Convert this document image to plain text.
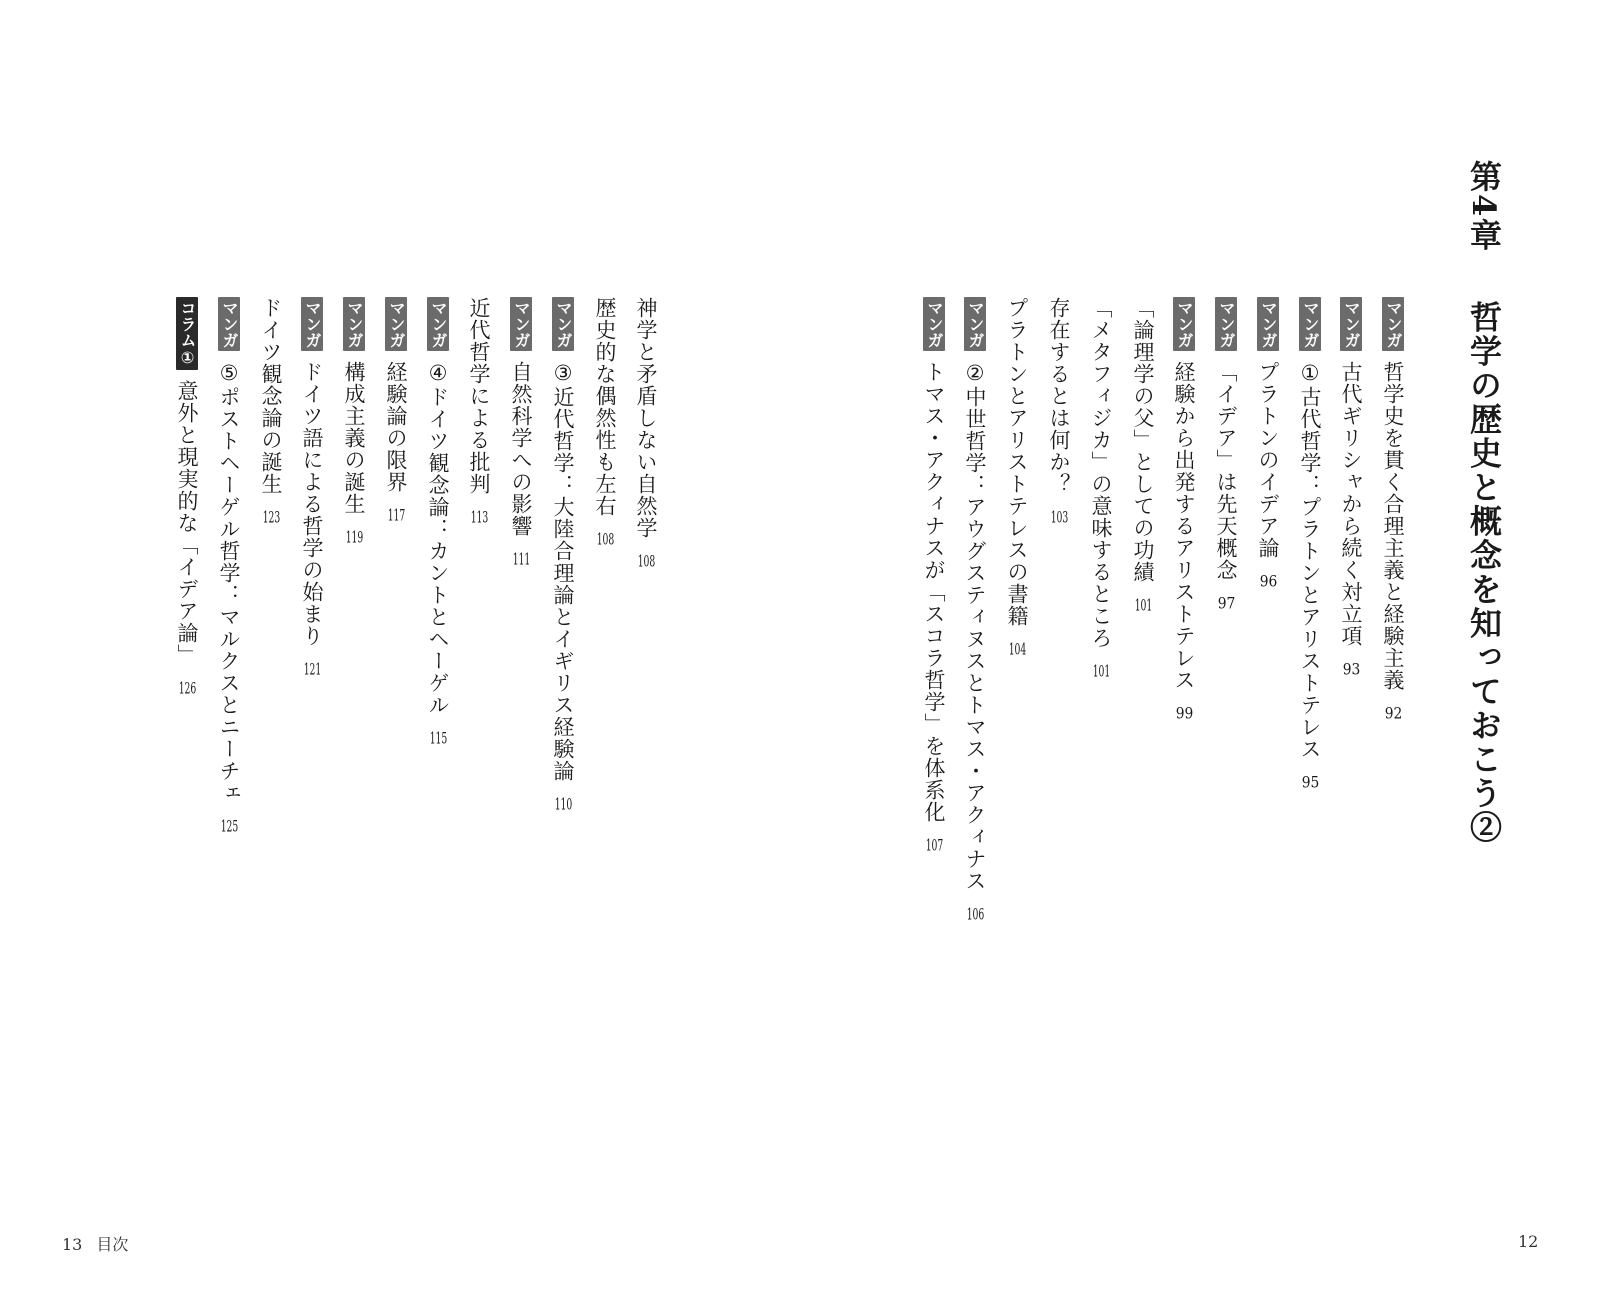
第4章哲学の歴史と概念を知っておこう②
マンガ哲学史を貫く合理主義と経験主義92
マンガ古代ギリシャから続く対立項93
マンガ①古代哲学：プラトンとアリストテレス95
マンガプラトンのイデア論96
マンガ「イデア」は先天概念97
マンガ経験から出発するアリストテレス99
「論理学の父」としての功績101
「メタフィジカ」の意味するところ101
存在するとは何か？103
プラトンとアリストテレスの書籍104
マンガ②中世哲学：アウグスティヌスとトマス・アクィナス106
マンガトマス・アクィナスが「スコラ哲学」を体系化107
神学と矛盾しない自然学108
歴史的な偶然性も左右108
マンガ③近代哲学：大陸合理論とイギリス経験論110
マンガ自然科学への影響111
近代哲学による批判113
マンガ④ドイツ観念論：カントとヘーゲル115
マンガ経験論の限界117
マンガ構成主義の誕生119
マンガドイツ語による哲学の始まり121
ドイツ観念論の誕生123
マンガ⑤ポストヘーゲル哲学：マルクスとニーチェ125
コラム①意外と現実的な「イデア論」126
13 目次	12
